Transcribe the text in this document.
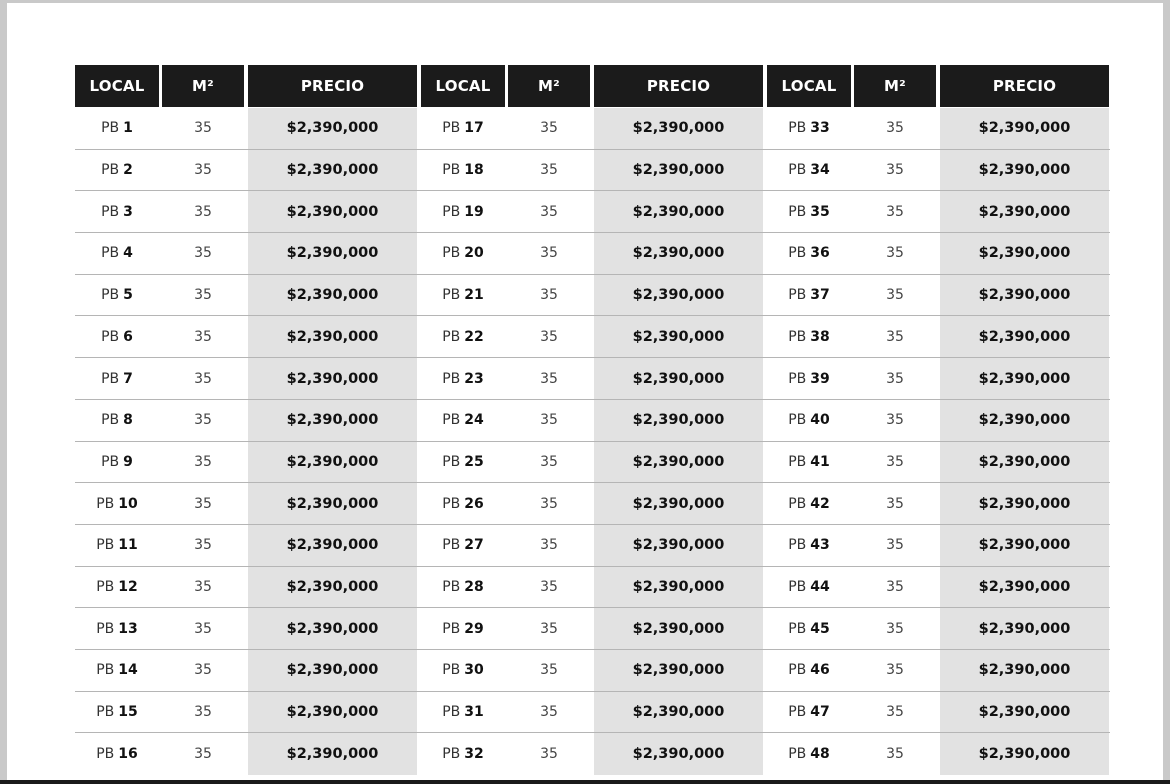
LOCAL	M²	PRECIO	LOCAL	M²	PRECIO	LOCAL	M²	PRECIO
PB 1	35	$2,390,000	PB 17	35	$2,390,000	PB 33	35	$2,390,000
PB 2	35	$2,390,000	PB 18	35	$2,390,000	PB 34	35	$2,390,000
PB 3	35	$2,390,000	PB 19	35	$2,390,000	PB 35	35	$2,390,000
PB 4	35	$2,390,000	PB 20	35	$2,390,000	PB 36	35	$2,390,000
PB 5	35	$2,390,000	PB 21	35	$2,390,000	PB 37	35	$2,390,000
PB 6	35	$2,390,000	PB 22	35	$2,390,000	PB 38	35	$2,390,000
PB 7	35	$2,390,000	PB 23	35	$2,390,000	PB 39	35	$2,390,000
PB 8	35	$2,390,000	PB 24	35	$2,390,000	PB 40	35	$2,390,000
PB 9	35	$2,390,000	PB 25	35	$2,390,000	PB 41	35	$2,390,000
PB 10	35	$2,390,000	PB 26	35	$2,390,000	PB 42	35	$2,390,000
PB 11	35	$2,390,000	PB 27	35	$2,390,000	PB 43	35	$2,390,000
PB 12	35	$2,390,000	PB 28	35	$2,390,000	PB 44	35	$2,390,000
PB 13	35	$2,390,000	PB 29	35	$2,390,000	PB 45	35	$2,390,000
PB 14	35	$2,390,000	PB 30	35	$2,390,000	PB 46	35	$2,390,000
PB 15	35	$2,390,000	PB 31	35	$2,390,000	PB 47	35	$2,390,000
PB 16	35	$2,390,000	PB 32	35	$2,390,000	PB 48	35	$2,390,000
